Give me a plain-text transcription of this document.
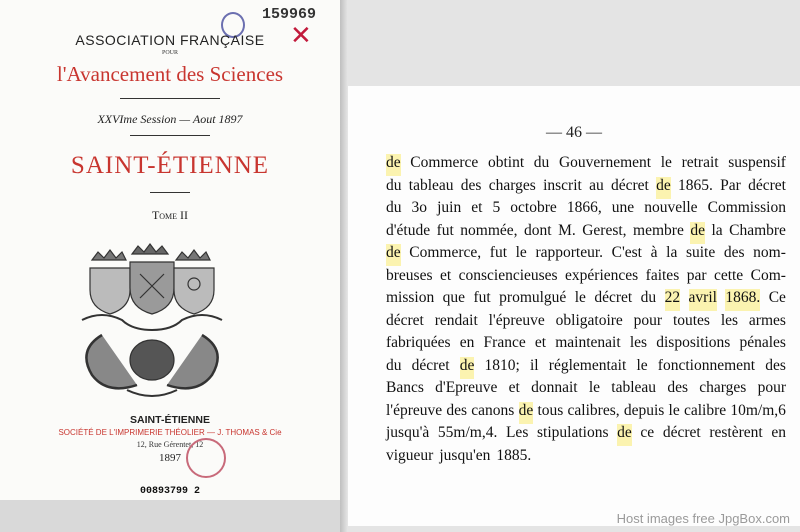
159969
✕
ASSOCIATION FRANÇAISE
POUR
l'Avancement des Sciences
XXVIme Session — Aout 1897
SAINT-ÉTIENNE
Tome II
SAINT-ÉTIENNE
SOCIÉTÉ DE L'IMPRIMERIE THÉOLIER — J. THOMAS & Cie
12, Rue Gérentet, 12
1897
00893799 2
— 46 —
de Commerce obtint du Gouvernement le retrait suspensif
du tableau des charges inscrit au décret de 1865. Par décret
du 3o juin et 5 octobre 1866, une nouvelle Commission
d'étude fut nommée, dont M. Gerest, membre de la Chambre
de Commerce, fut le rapporteur. C'est à la suite des nom-
breuses et consciencieuses expériences faites par cette Com-
mission que fut promulgué le décret du 22 avril 1868. Ce
décret rendait l'épreuve obligatoire pour toutes les armes
fabriquées en France et maintenait les dispositions pénales
du décret de 1810; il réglementait le fonctionnement des
Bancs d'Epreuve et donnait le tableau des charges pour
l'épreuve des canons de tous calibres, depuis le calibre 10m/m,6
jusqu'à 55m/m,4. Les stipulations de ce décret restèrent en
vigueur jusqu'en 1885.
Host images free JpgBox.com
